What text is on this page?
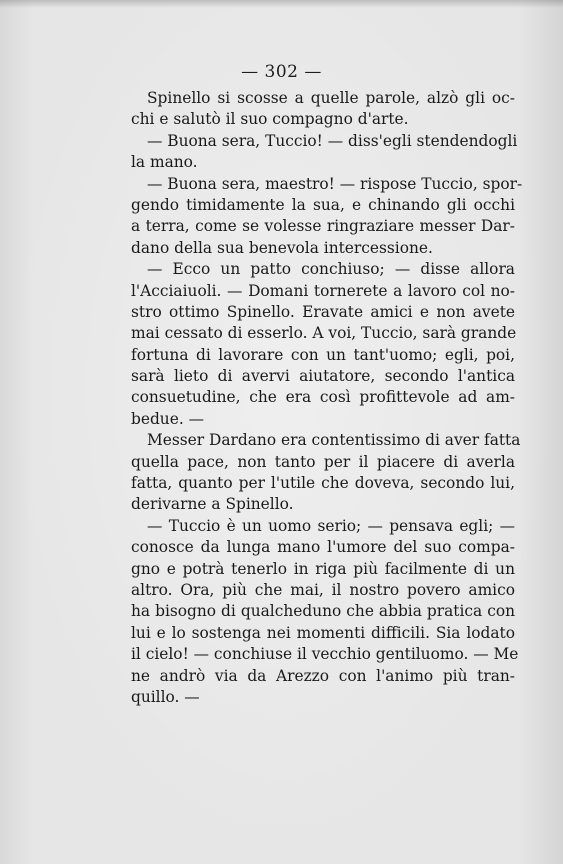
— 302 —
Spinello si scosse a quelle parole, alzò gli oc-
chi e salutò il suo compagno d'arte.
— Buona sera, Tuccio! — diss'egli stendendogli
la mano.
— Buona sera, maestro! — rispose Tuccio, spor-
gendo timidamente la sua, e chinando gli occhi
a terra, come se volesse ringraziare messer Dar-
dano della sua benevola intercessione.
— Ecco un patto conchiuso; — disse allora
l'Acciaiuoli. — Domani tornerete a lavoro col no-
stro ottimo Spinello. Eravate amici e non avete
mai cessato di esserlo. A voi, Tuccio, sarà grande
fortuna di lavorare con un tant'uomo; egli, poi,
sarà lieto di avervi aiutatore, secondo l'antica
consuetudine, che era così profittevole ad am-
bedue. —
Messer Dardano era contentissimo di aver fatta
quella pace, non tanto per il piacere di averla
fatta, quanto per l'utile che doveva, secondo lui,
derivarne a Spinello.
— Tuccio è un uomo serio; — pensava egli; —
conosce da lunga mano l'umore del suo compa-
gno e potrà tenerlo in riga più facilmente di un
altro. Ora, più che mai, il nostro povero amico
ha bisogno di qualcheduno che abbia pratica con
lui e lo sostenga nei momenti difficili. Sia lodato
il cielo! — conchiuse il vecchio gentiluomo. — Me
ne andrò via da Arezzo con l'animo più tran-
quillo. —
